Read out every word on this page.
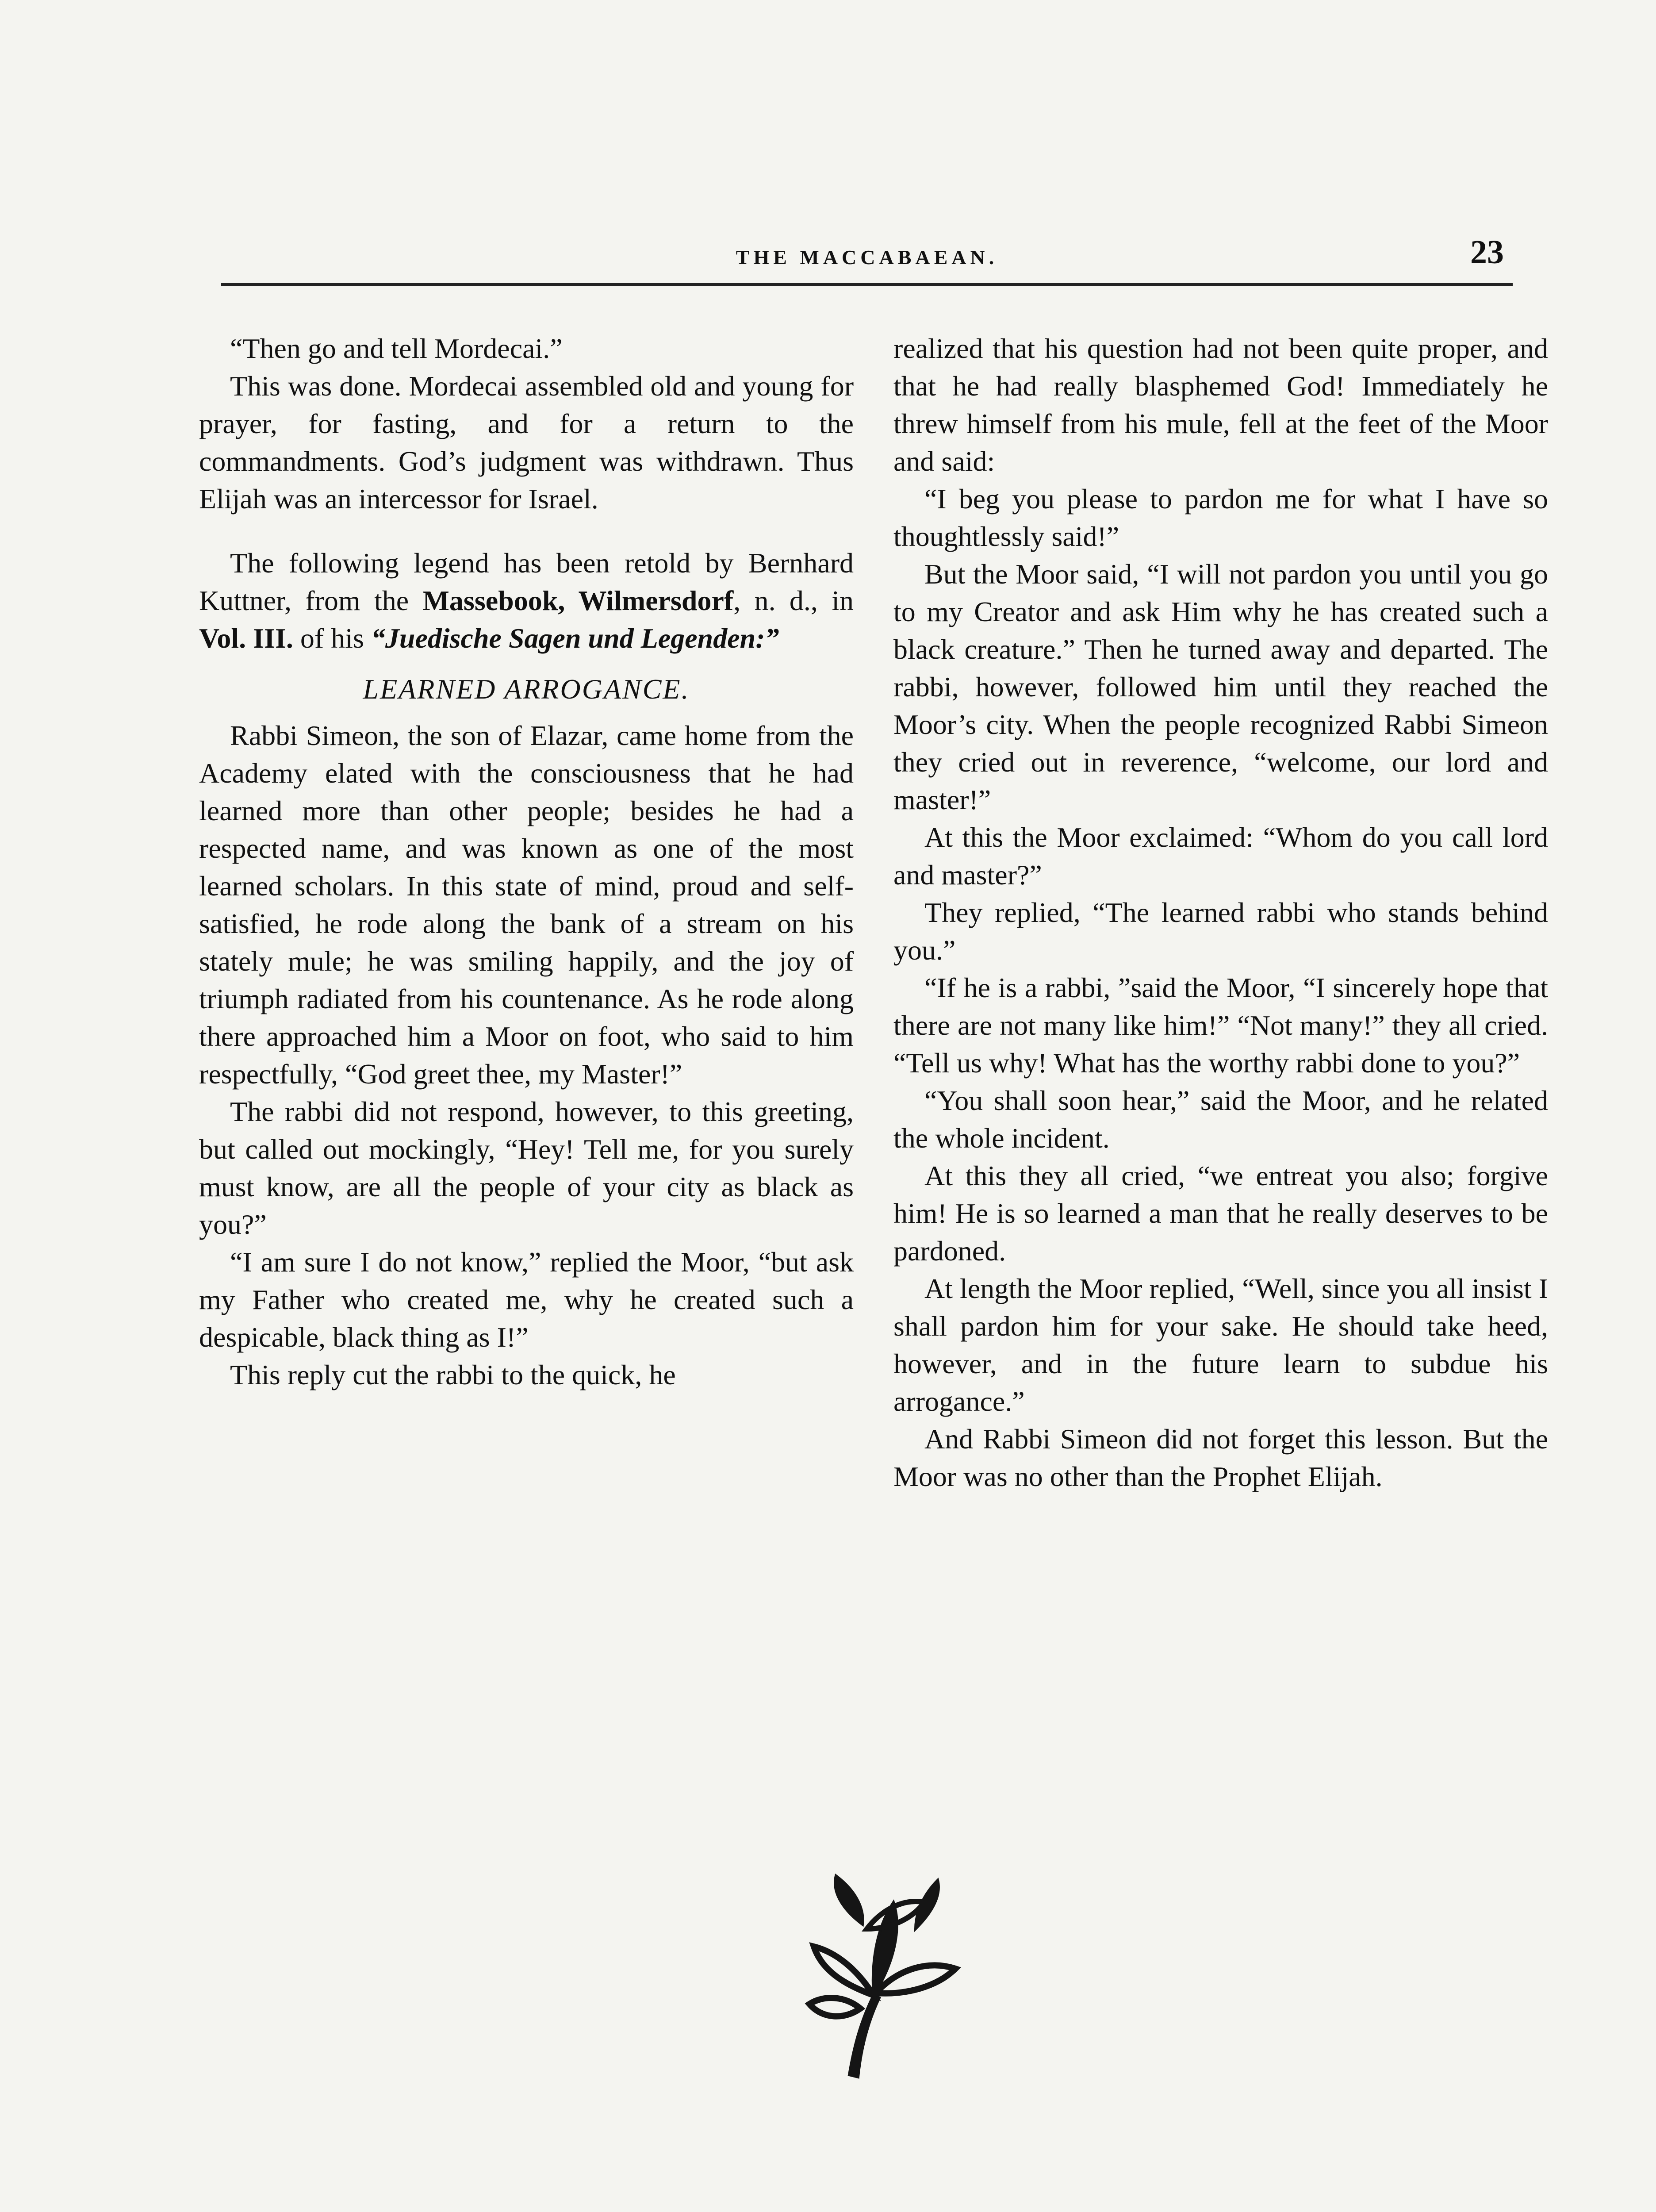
THE MACCABAEAN.	23

“Then go and tell Mordecai.”

This was done. Mordecai assembled old and young for prayer, for fasting, and for a return to the commandments. God’s judgment was withdrawn. Thus Elijah was an intercessor for Israel.

The following legend has been retold by Bernhard Kuttner, from the Massebook, Wilmersdorf, n. d., in Vol. III. of his “Juedische Sagen und Legenden:”

LEARNED ARROGANCE.

Rabbi Simeon, the son of Elazar, came home from the Academy elated with the consciousness that he had learned more than other people; besides he had a respected name, and was known as one of the most learned scholars. In this state of mind, proud and self-satisfied, he rode along the bank of a stream on his stately mule; he was smiling happily, and the joy of triumph radiated from his countenance. As he rode along there approached him a Moor on foot, who said to him respectfully, “God greet thee, my Master!”

The rabbi did not respond, however, to this greeting, but called out mockingly, “Hey! Tell me, for you surely must know, are all the people of your city as black as you?”

“I am sure I do not know,” replied the Moor, “but ask my Father who created me, why he created such a despicable, black thing as I!”

This reply cut the rabbi to the quick, he

realized that his question had not been quite proper, and that he had really blasphemed God! Immediately he threw himself from his mule, fell at the feet of the Moor and said:

“I beg you please to pardon me for what I have so thoughtlessly said!”

But the Moor said, “I will not pardon you until you go to my Creator and ask Him why he has created such a black creature.” Then he turned away and departed. The rabbi, however, followed him until they reached the Moor’s city. When the people recognized Rabbi Simeon they cried out in reverence, “welcome, our lord and master!”

At this the Moor exclaimed: “Whom do you call lord and master?”

They replied, “The learned rabbi who stands behind you.”

“If he is a rabbi, ”said the Moor, “I sincerely hope that there are not many like him!” “Not many!” they all cried. “Tell us why! What has the worthy rabbi done to you?”

“You shall soon hear,” said the Moor, and he related the whole incident.

At this they all cried, “we entreat you also; forgive him! He is so learned a man that he really deserves to be pardoned.

At length the Moor replied, “Well, since you all insist I shall pardon him for your sake. He should take heed, however, and in the future learn to subdue his arrogance.”

And Rabbi Simeon did not forget this lesson. But the Moor was no other than the Prophet Elijah.
